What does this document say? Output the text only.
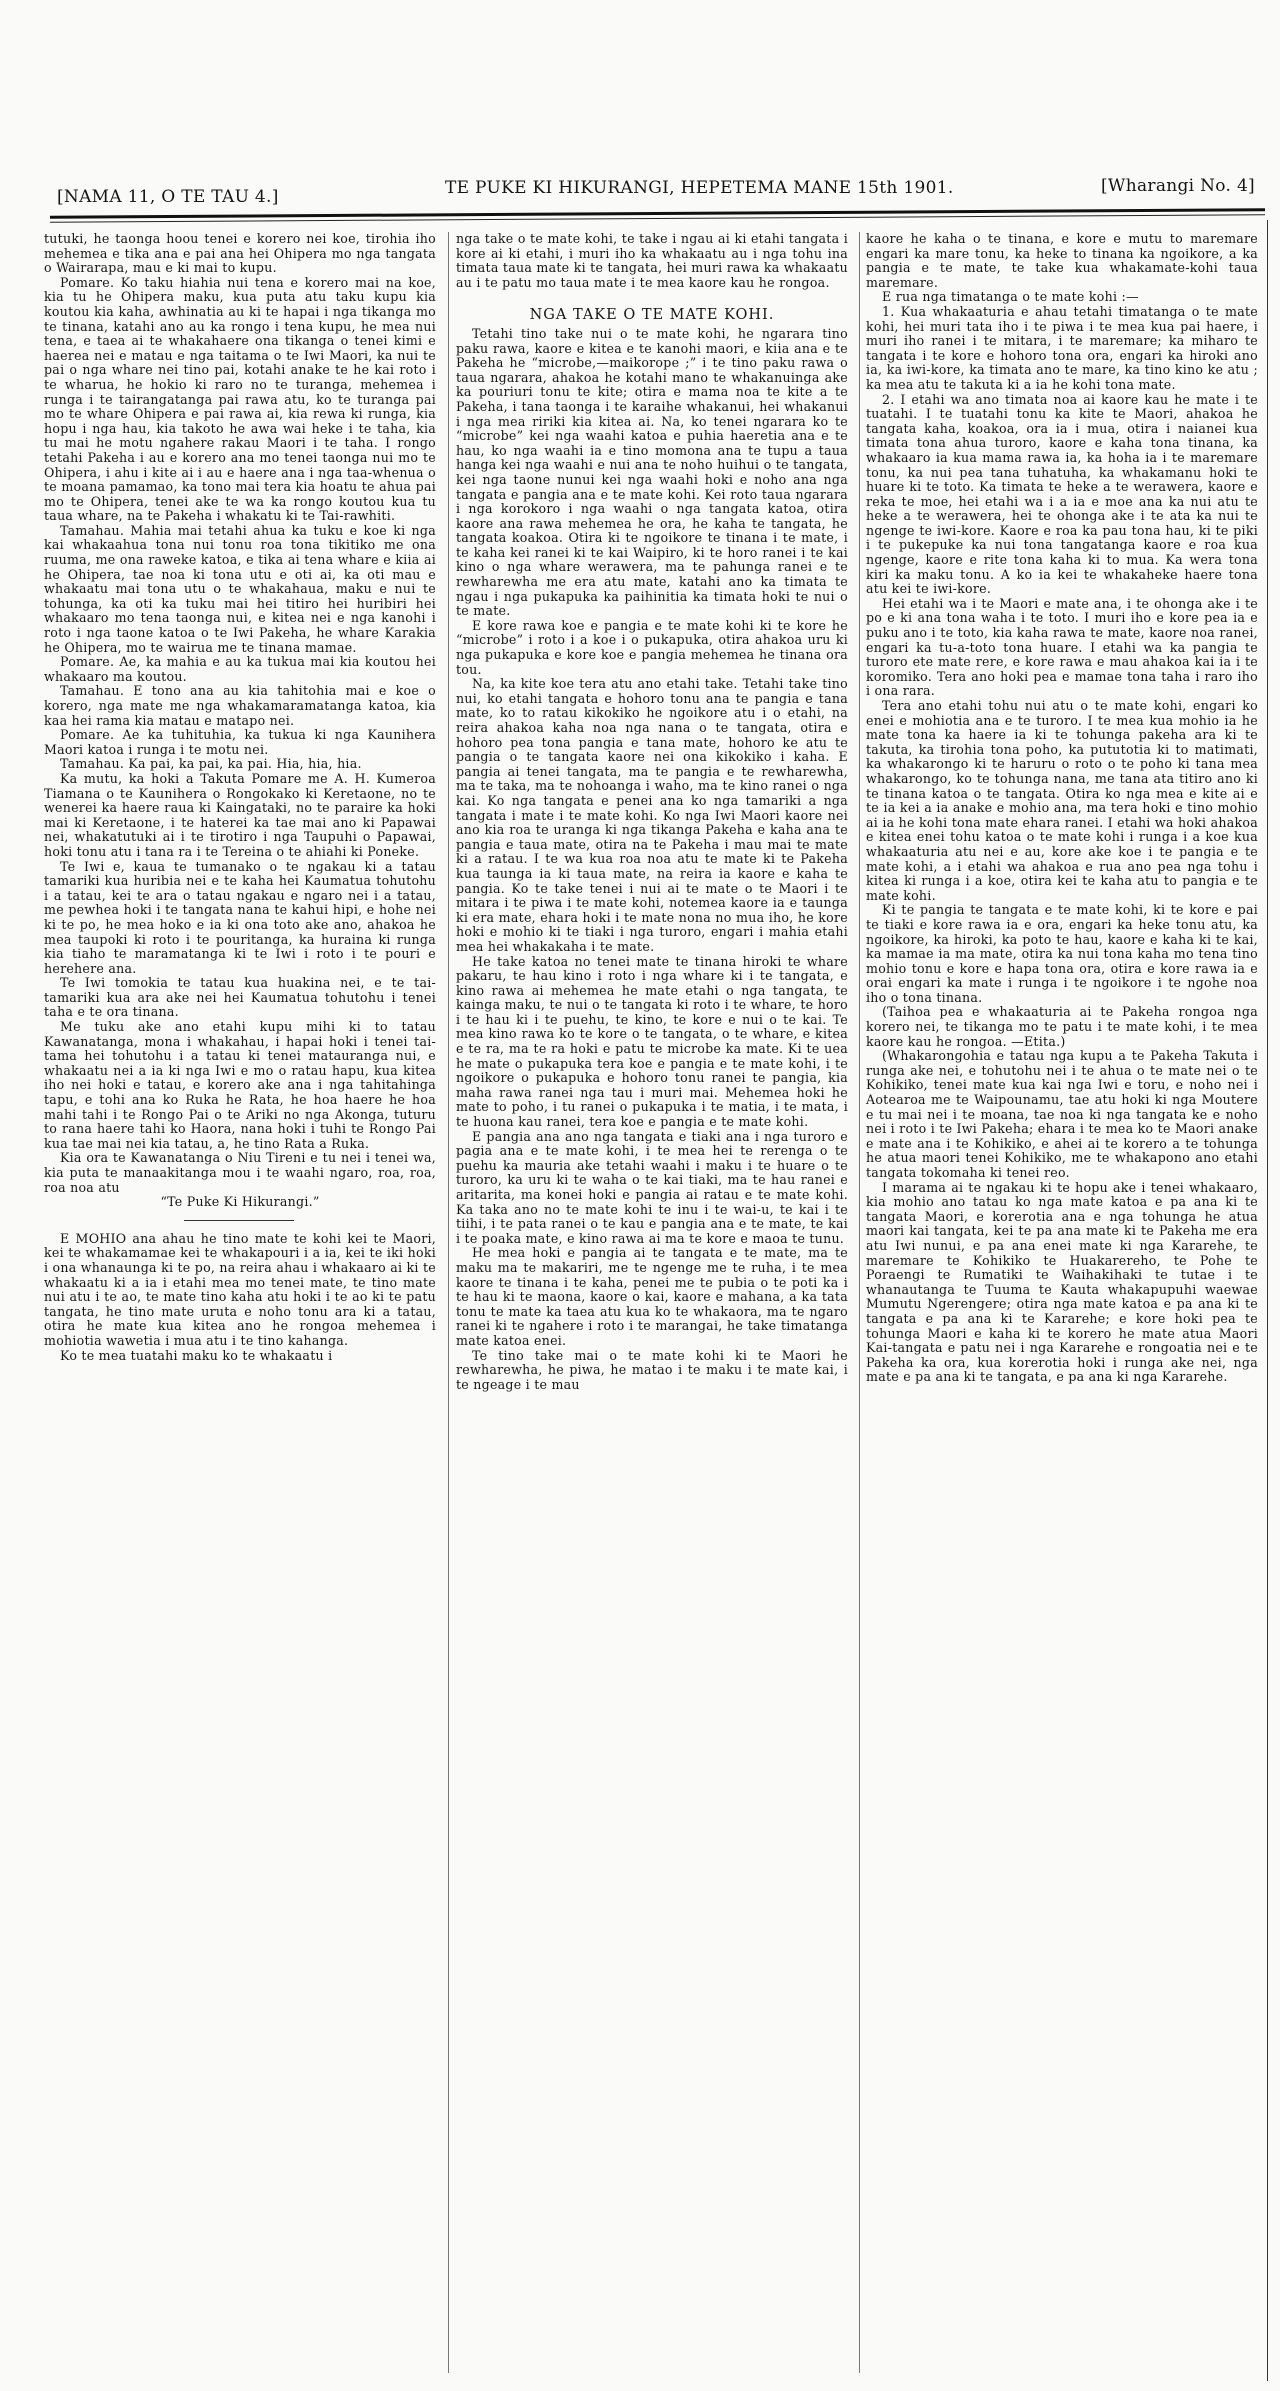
[NAMA 11, O TE TAU 4.]	TE PUKE KI HIKURANGI, HEPETEMA MANE 15th 1901.	[Wharangi No. 4]

tutuki, he taonga hoou tenei e korero nei koe, tirohia iho mehemea e tika ana e pai ana hei Ohipera mo nga tangata o Wairarapa, mau e ki mai to kupu.

Pomare. Ko taku hiahia nui tena e korero mai na koe, kia tu he Ohipera maku, kua puta atu taku kupu kia koutou kia kaha, awhinatia au ki te hapai i nga tikanga mo te tinana, katahi ano au ka rongo i tena kupu, he mea nui tena, e taea ai te whakahaere ona tikanga o tenei kimi e haerea nei e matau e nga taitama o te Iwi Maori, ka nui te pai o nga whare nei tino pai, kotahi anake te he kai roto i te wharua, he hokio ki raro no te turanga, mehemea i runga i te tairangatanga pai rawa atu, ko te turanga pai mo te whare Ohipera e pai rawa ai, kia rewa ki runga, kia hopu i nga hau, kia takoto he awa wai heke i te taha, kia tu mai he motu ngahere rakau Maori i te taha. I rongo tetahi Pakeha i au e korero ana mo tenei taonga nui mo te Ohipera, i ahu i kite ai i au e haere ana i nga taa-whenua o te moana pamamao, ka tono mai tera kia hoatu te ahua pai mo te Ohipera, tenei ake te wa ka rongo koutou kua tu taua whare, na te Pakeha i whakatu ki te Tai-rawhiti.

Tamahau. Mahia mai tetahi ahua ka tuku e koe ki nga kai whakaahua tona nui tonu roa tona tikitiko me ona ruuma, me ona raweke katoa, e tika ai tena whare e kiia ai he Ohipera, tae noa ki tona utu e oti ai, ka oti mau e whakaatu mai tona utu o te whakahaua, maku e nui te tohunga, ka oti ka tuku mai hei titiro hei huribiri hei whakaaro mo tena taonga nui, e kitea nei e nga kanohi i roto i nga taone katoa o te Iwi Pakeha, he whare Karakia he Ohipera, mo te wairua me te tinana mamae.

Pomare. Ae, ka mahia e au ka tukua mai kia koutou hei whakaaro ma koutou.

Tamahau. E tono ana au kia tahitohia mai e koe o korero, nga mate me nga whakamaramatanga katoa, kia kaa hei rama kia matau e matapo nei.

Pomare. Ae ka tuhituhia, ka tukua ki nga Kaunihera Maori katoa i runga i te motu nei.

Tamahau. Ka pai, ka pai, ka pai. Hia, hia, hia.

Ka mutu, ka hoki a Takuta Pomare me A. H. Kumeroa Tiamana o te Kaunihera o Rongokako ki Keretaone, no te wenerei ka haere raua ki Kaingataki, no te paraire ka hoki mai ki Keretaone, i te haterei ka tae mai ano ki Papawai nei, whakatutuki ai i te tirotiro i nga Taupuhi o Papawai, hoki tonu atu i tana ra i te Tereina o te ahiahi ki Poneke.

Te Iwi e, kaua te tumanako o te ngakau ki a tatau tamariki kua huribia nei e te kaha hei Kaumatua tohutohu i a tatau, kei te ara o tatau ngakau e ngaro nei i a tatau, me pewhea hoki i te tangata nana te kahui hipi, e hohe nei ki te po, he mea hoko e ia ki ona toto ake ano, ahakoa he mea taupoki ki roto i te pouritanga, ka huraina ki runga kia tiaho te maramatanga ki te Iwi i roto i te pouri e herehere ana.

Te Iwi tomokia te tatau kua huakina nei, e te tai-tamariki kua ara ake nei hei Kaumatua tohutohu i tenei taha e te ora tinana.

Me tuku ake ano etahi kupu mihi ki to tatau Kawanatanga, mona i whakahau, i hapai hoki i tenei tai-tama hei tohutohu i a tatau ki tenei matauranga nui, e whakaatu nei a ia ki nga Iwi e mo o ratau hapu, kua kitea iho nei hoki e tatau, e korero ake ana i nga tahitahinga tapu, e tohi ana ko Ruka he Rata, he hoa haere he hoa mahi tahi i te Rongo Pai o te Ariki no nga Akonga, tuturu to rana haere tahi ko Haora, nana hoki i tuhi te Rongo Pai kua tae mai nei kia tatau, a, he tino Rata a Ruka.

Kia ora te Kawanatanga o Niu Tireni e tu nei i tenei wa, kia puta te manaakitanga mou i te waahi ngaro, roa, roa, roa noa atu

“Te Puke Ki Hikurangi.”

E MOHIO ana ahau he tino mate te kohi kei te Maori, kei te whakamamae kei te whakapouri i a ia, kei te iki hoki i ona whanaunga ki te po, na reira ahau i whakaaro ai ki te whakaatu ki a ia i etahi mea mo tenei mate, te tino mate nui atu i te ao, te mate tino kaha atu hoki i te ao ki te patu tangata, he tino mate uruta e noho tonu ara ki a tatau, otira he mate kua kitea ano he rongoa mehemea i mohiotia wawetia i mua atu i te tino kahanga.

Ko te mea tuatahi maku ko te whakaatu i

nga take o te mate kohi, te take i ngau ai ki etahi tangata i kore ai ki etahi, i muri iho ka whakaatu au i nga tohu ina timata taua mate ki te tangata, hei muri rawa ka whakaatu au i te patu mo taua mate i te mea kaore kau he rongoa.

NGA TAKE O TE MATE KOHI.

Tetahi tino take nui o te mate kohi, he ngarara tino paku rawa, kaore e kitea e te kanohi maori, e kiia ana e te Pakeha he “microbe,—maikorope ;” i te tino paku rawa o taua ngarara, ahakoa he kotahi mano te whakanuinga ake ka pouriuri tonu te kite; otira e mama noa te kite a te Pakeha, i tana taonga i te karaihe whakanui, hei whakanui i nga mea ririki kia kitea ai. Na, ko tenei ngarara ko te “microbe” kei nga waahi katoa e puhia haeretia ana e te hau, ko nga waahi ia e tino momona ana te tupu a taua hanga kei nga waahi e nui ana te noho huihui o te tangata, kei nga taone nunui kei nga waahi hoki e noho ana nga tangata e pangia ana e te mate kohi. Kei roto taua ngarara i nga korokoro i nga waahi o nga tangata katoa, otira kaore ana rawa mehemea he ora, he kaha te tangata, he tangata koakoa. Otira ki te ngoikore te tinana i te mate, i te kaha kei ranei ki te kai Waipiro, ki te horo ranei i te kai kino o nga whare werawera, ma te pahunga ranei e te rewharewha me era atu mate, katahi ano ka timata te ngau i nga pukapuka ka paihinitia ka timata hoki te nui o te mate.

E kore rawa koe e pangia e te mate kohi ki te kore he “microbe” i roto i a koe i o pukapuka, otira ahakoa uru ki nga pukapuka e kore koe e pangia mehemea he tinana ora tou.

Na, ka kite koe tera atu ano etahi take. Tetahi take tino nui, ko etahi tangata e hohoro tonu ana te pangia e tana mate, ko to ratau kikokiko he ngoikore atu i o etahi, na reira ahakoa kaha noa nga nana o te tangata, otira e hohoro pea tona pangia e tana mate, hohoro ke atu te pangia o te tangata kaore nei ona kikokiko i kaha. E pangia ai tenei tangata, ma te pangia e te rewharewha, ma te taka, ma te nohoanga i waho, ma te kino ranei o nga kai. Ko nga tangata e penei ana ko nga tamariki a nga tangata i mate i te mate kohi. Ko nga Iwi Maori kaore nei ano kia roa te uranga ki nga tikanga Pakeha e kaha ana te pangia e taua mate, otira na te Pakeha i mau mai te mate ki a ratau. I te wa kua roa noa atu te mate ki te Pakeha kua taunga ia ki taua mate, na reira ia kaore e kaha te pangia. Ko te take tenei i nui ai te mate o te Maori i te mitara i te piwa i te mate kohi, notemea kaore ia e taunga ki era mate, ehara hoki i te mate nona no mua iho, he kore hoki e mohio ki te tiaki i nga turoro, engari i mahia etahi mea hei whakakaha i te mate.

He take katoa no tenei mate te tinana hiroki te whare pakaru, te hau kino i roto i nga whare ki i te tangata, e kino rawa ai mehemea he mate etahi o nga tangata, te kainga maku, te nui o te tangata ki roto i te whare, te horo i te hau ki i te puehu, te kino, te kore e nui o te kai. Te mea kino rawa ko te kore o te tangata, o te whare, e kitea e te ra, ma te ra hoki e patu te microbe ka mate. Ki te uea he mate o pukapuka tera koe e pangia e te mate kohi, i te ngoikore o pukapuka e hohoro tonu ranei te pangia, kia maha rawa ranei nga tau i muri mai. Mehemea hoki he mate to poho, i tu ranei o pukapuka i te matia, i te mata, i te huona kau ranei, tera koe e pangia e te mate kohi.

E pangia ana ano nga tangata e tiaki ana i nga turoro e pagia ana e te mate kohi, i te mea hei te rerenga o te puehu ka mauria ake tetahi waahi i maku i te huare o te turoro, ka uru ki te waha o te kai tiaki, ma te hau ranei e aritarita, ma konei hoki e pangia ai ratau e te mate kohi. Ka taka ano no te mate kohi te inu i te wai-u, te kai i te tiihi, i te pata ranei o te kau e pangia ana e te mate, te kai i te poaka mate, e kino rawa ai ma te kore e maoa te tunu.

He mea hoki e pangia ai te tangata e te mate, ma te maku ma te makariri, me te ngenge me te ruha, i te mea kaore te tinana i te kaha, penei me te pubia o te poti ka i te hau ki te maona, kaore o kai, kaore e mahana, a ka tata tonu te mate ka taea atu kua ko te whakaora, ma te ngaro ranei ki te ngahere i roto i te marangai, he take timatanga mate katoa enei.

Te tino take mai o te mate kohi ki te Maori he rewharewha, he piwa, he matao i te maku i te mate kai, i te ngeage i te mau

kaore he kaha o te tinana, e kore e mutu to maremare engari ka mare tonu, ka heke to tinana ka ngoikore, a ka pangia e te mate, te take kua whakamate-kohi taua maremare.

E rua nga timatanga o te mate kohi :—

1. Kua whakaaturia e ahau tetahi timatanga o te mate kohi, hei muri tata iho i te piwa i te mea kua pai haere, i muri iho ranei i te mitara, i te maremare; ka miharo te tangata i te kore e hohoro tona ora, engari ka hiroki ano ia, ka iwi-kore, ka timata ano te mare, ka tino kino ke atu ; ka mea atu te takuta ki a ia he kohi tona mate.

2. I etahi wa ano timata noa ai kaore kau he mate i te tuatahi. I te tuatahi tonu ka kite te Maori, ahakoa he tangata kaha, koakoa, ora ia i mua, otira i naianei kua timata tona ahua turoro, kaore e kaha tona tinana, ka whakaaro ia kua mama rawa ia, ka hoha ia i te maremare tonu, ka nui pea tana tuhatuha, ka whakamanu hoki te huare ki te toto. Ka timata te heke a te werawera, kaore e reka te moe, hei etahi wa i a ia e moe ana ka nui atu te heke a te werawera, hei te ohonga ake i te ata ka nui te ngenge te iwi-kore. Kaore e roa ka pau tona hau, ki te piki i te pukepuke ka nui tona tangatanga kaore e roa kua ngenge, kaore e rite tona kaha ki to mua. Ka wera tona kiri ka maku tonu. A ko ia kei te whakaheke haere tona atu kei te iwi-kore.

Hei etahi wa i te Maori e mate ana, i te ohonga ake i te po e ki ana tona waha i te toto. I muri iho e kore pea ia e puku ano i te toto, kia kaha rawa te mate, kaore noa ranei, engari ka tu-a-toto tona huare. I etahi wa ka pangia te turoro ete mate rere, e kore rawa e mau ahakoa kai ia i te koromiko. Tera ano hoki pea e mamae tona taha i raro iho i ona rara.

Tera ano etahi tohu nui atu o te mate kohi, engari ko enei e mohiotia ana e te turoro. I te mea kua mohio ia he mate tona ka haere ia ki te tohunga pakeha ara ki te takuta, ka tirohia tona poho, ka pututotia ki to matimati, ka whakarongo ki te haruru o roto o te poho ki tana mea whakarongo, ko te tohunga nana, me tana ata titiro ano ki te tinana katoa o te tangata. Otira ko nga mea e kite ai e te ia kei a ia anake e mohio ana, ma tera hoki e tino mohio ai ia he kohi tona mate ehara ranei. I etahi wa hoki ahakoa e kitea enei tohu katoa o te mate kohi i runga i a koe kua whakaaturia atu nei e au, kore ake koe i te pangia e te mate kohi, a i etahi wa ahakoa e rua ano pea nga tohu i kitea ki runga i a koe, otira kei te kaha atu to pangia e te mate kohi.

Ki te pangia te tangata e te mate kohi, ki te kore e pai te tiaki e kore rawa ia e ora, engari ka heke tonu atu, ka ngoikore, ka hiroki, ka poto te hau, kaore e kaha ki te kai, ka mamae ia ma mate, otira ka nui tona kaha mo tena tino mohio tonu e kore e hapa tona ora, otira e kore rawa ia e orai engari ka mate i runga i te ngoikore i te ngohe noa iho o tona tinana.

(Taihoa pea e whakaaturia ai te Pakeha rongoa nga korero nei, te tikanga mo te patu i te mate kohi, i te mea kaore kau he rongoa. —Etita.)

(Whakarongohia e tatau nga kupu a te Pakeha Takuta i runga ake nei, e tohutohu nei i te ahua o te mate nei o te Kohikiko, tenei mate kua kai nga Iwi e toru, e noho nei i Aotearoa me te Waipounamu, tae atu hoki ki nga Moutere e tu mai nei i te moana, tae noa ki nga tangata ke e noho nei i roto i te Iwi Pakeha; ehara i te mea ko te Maori anake e mate ana i te Kohikiko, e ahei ai te korero a te tohunga he atua maori tenei Kohikiko, me te whakapono ano etahi tangata tokomaha ki tenei reo.

I marama ai te ngakau ki te hopu ake i tenei whakaaro, kia mohio ano tatau ko nga mate katoa e pa ana ki te tangata Maori, e korerotia ana e nga tohunga he atua maori kai tangata, kei te pa ana mate ki te Pakeha me era atu Iwi nunui, e pa ana enei mate ki nga Kararehe, te maremare te Kohikiko te Huakarereho, te Pohe te Poraengi te Rumatiki te Waihakihaki te tutae i te whanautanga te Tuuma te Kauta whakapupuhi waewae Mumutu Ngerengere; otira nga mate katoa e pa ana ki te tangata e pa ana ki te Kararehe; e kore hoki pea te tohunga Maori e kaha ki te korero he mate atua Maori Kai-tangata e patu nei i nga Kararehe e rongoatia nei e te Pakeha ka ora, kua korerotia hoki i runga ake nei, nga mate e pa ana ki te tangata, e pa ana ki nga Kararehe.
